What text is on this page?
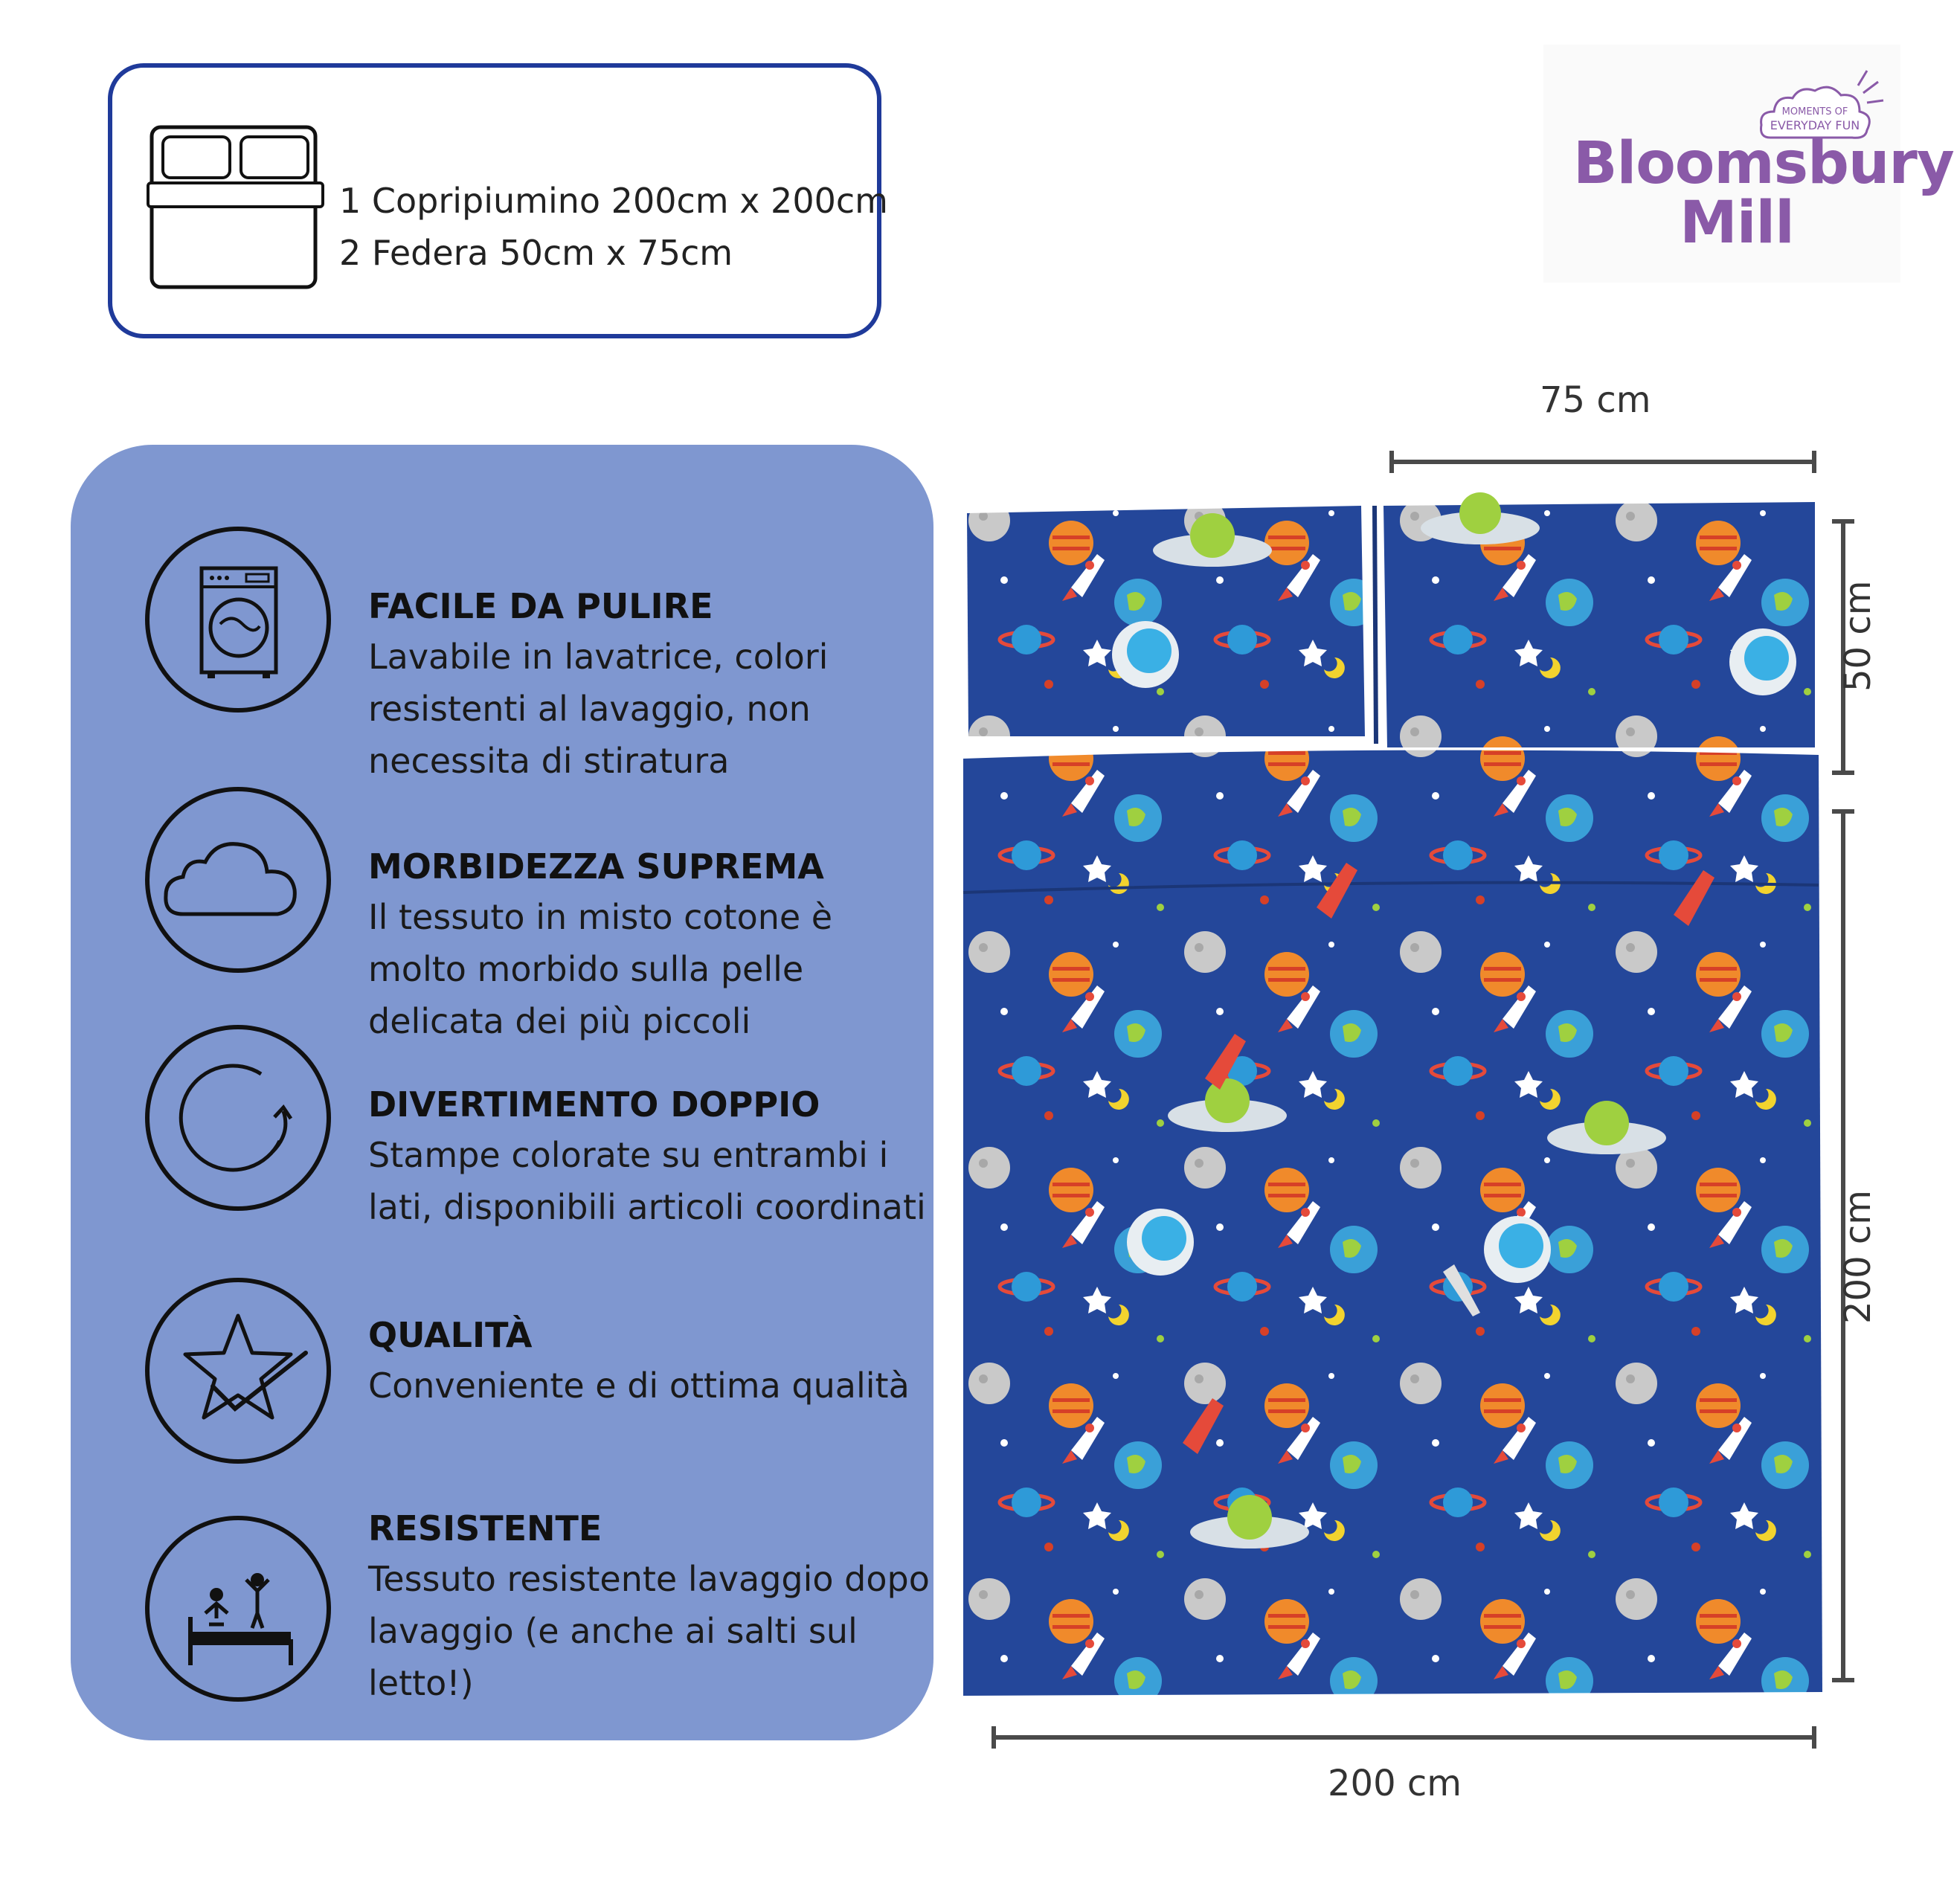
1 Copripiumino 200cm x 200cm
2 Federa 50cm x 75cm
MOMENTS OF
EVERYDAY FUN
Bloomsbury
Mill
FACILE DA PULIRE
Lavabile in lavatrice, colori resistenti al lavaggio, non necessita di stiratura
MORBIDEZZA SUPREMA
Il tessuto in misto cotone è molto morbido sulla pelle delicata dei più piccoli
DIVERTIMENTO DOPPIO
Stampe colorate su entrambi i lati, disponibili articoli coordinati
QUALITÀ
Conveniente e di ottima qualità
RESISTENTE
Tessuto resistente lavaggio dopo lavaggio (e anche ai salti sul letto!)
75 cm
50 cm
200 cm
200 cm
